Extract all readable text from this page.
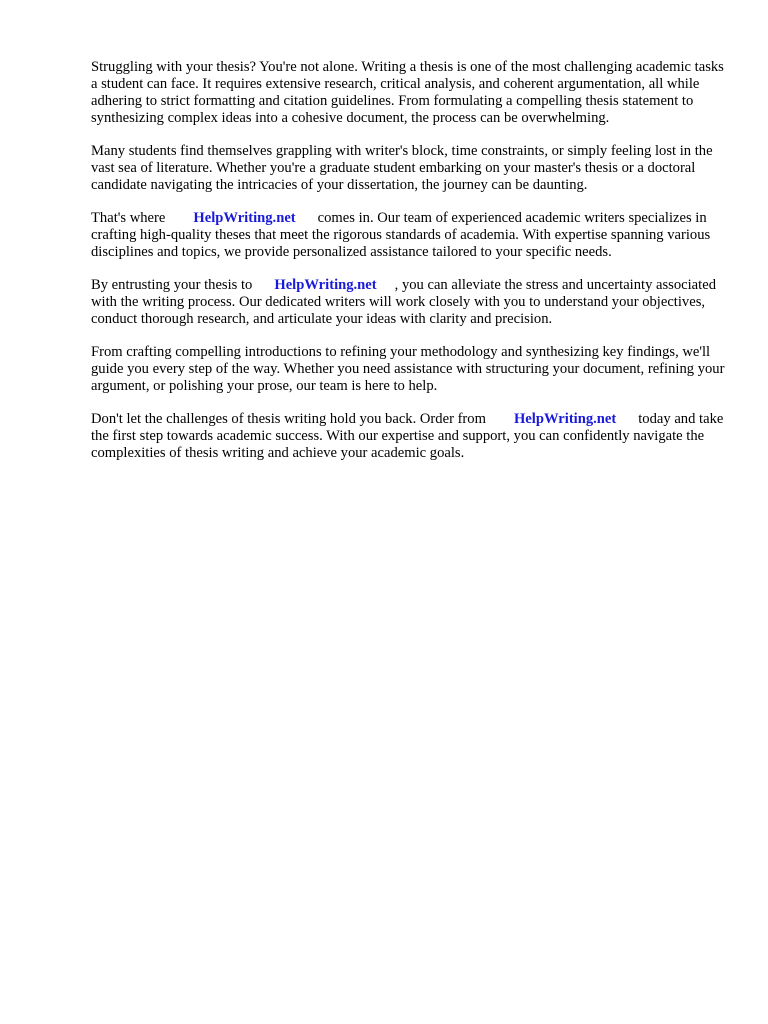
Struggling with your thesis? You're not alone. Writing a thesis is one of the most challenging academic tasks a student can face. It requires extensive research, critical analysis, and coherent argumentation, all while adhering to strict formatting and citation guidelines. From formulating a compelling thesis statement to synthesizing complex ideas into a cohesive document, the process can be overwhelming.

Many students find themselves grappling with writer's block, time constraints, or simply feeling lost in the vast sea of literature. Whether you're a graduate student embarking on your master's thesis or a doctoral candidate navigating the intricacies of your dissertation, the journey can be daunting.

That's where HelpWriting.net comes in. Our team of experienced academic writers specializes in crafting high-quality theses that meet the rigorous standards of academia. With expertise spanning various disciplines and topics, we provide personalized assistance tailored to your specific needs.

By entrusting your thesis to HelpWriting.net , you can alleviate the stress and uncertainty associated with the writing process. Our dedicated writers will work closely with you to understand your objectives, conduct thorough research, and articulate your ideas with clarity and precision.

From crafting compelling introductions to refining your methodology and synthesizing key findings, we'll guide you every step of the way. Whether you need assistance with structuring your document, refining your argument, or polishing your prose, our team is here to help.

Don't let the challenges of thesis writing hold you back. Order from HelpWriting.net today and take the first step towards academic success. With our expertise and support, you can confidently navigate the complexities of thesis writing and achieve your academic goals.
